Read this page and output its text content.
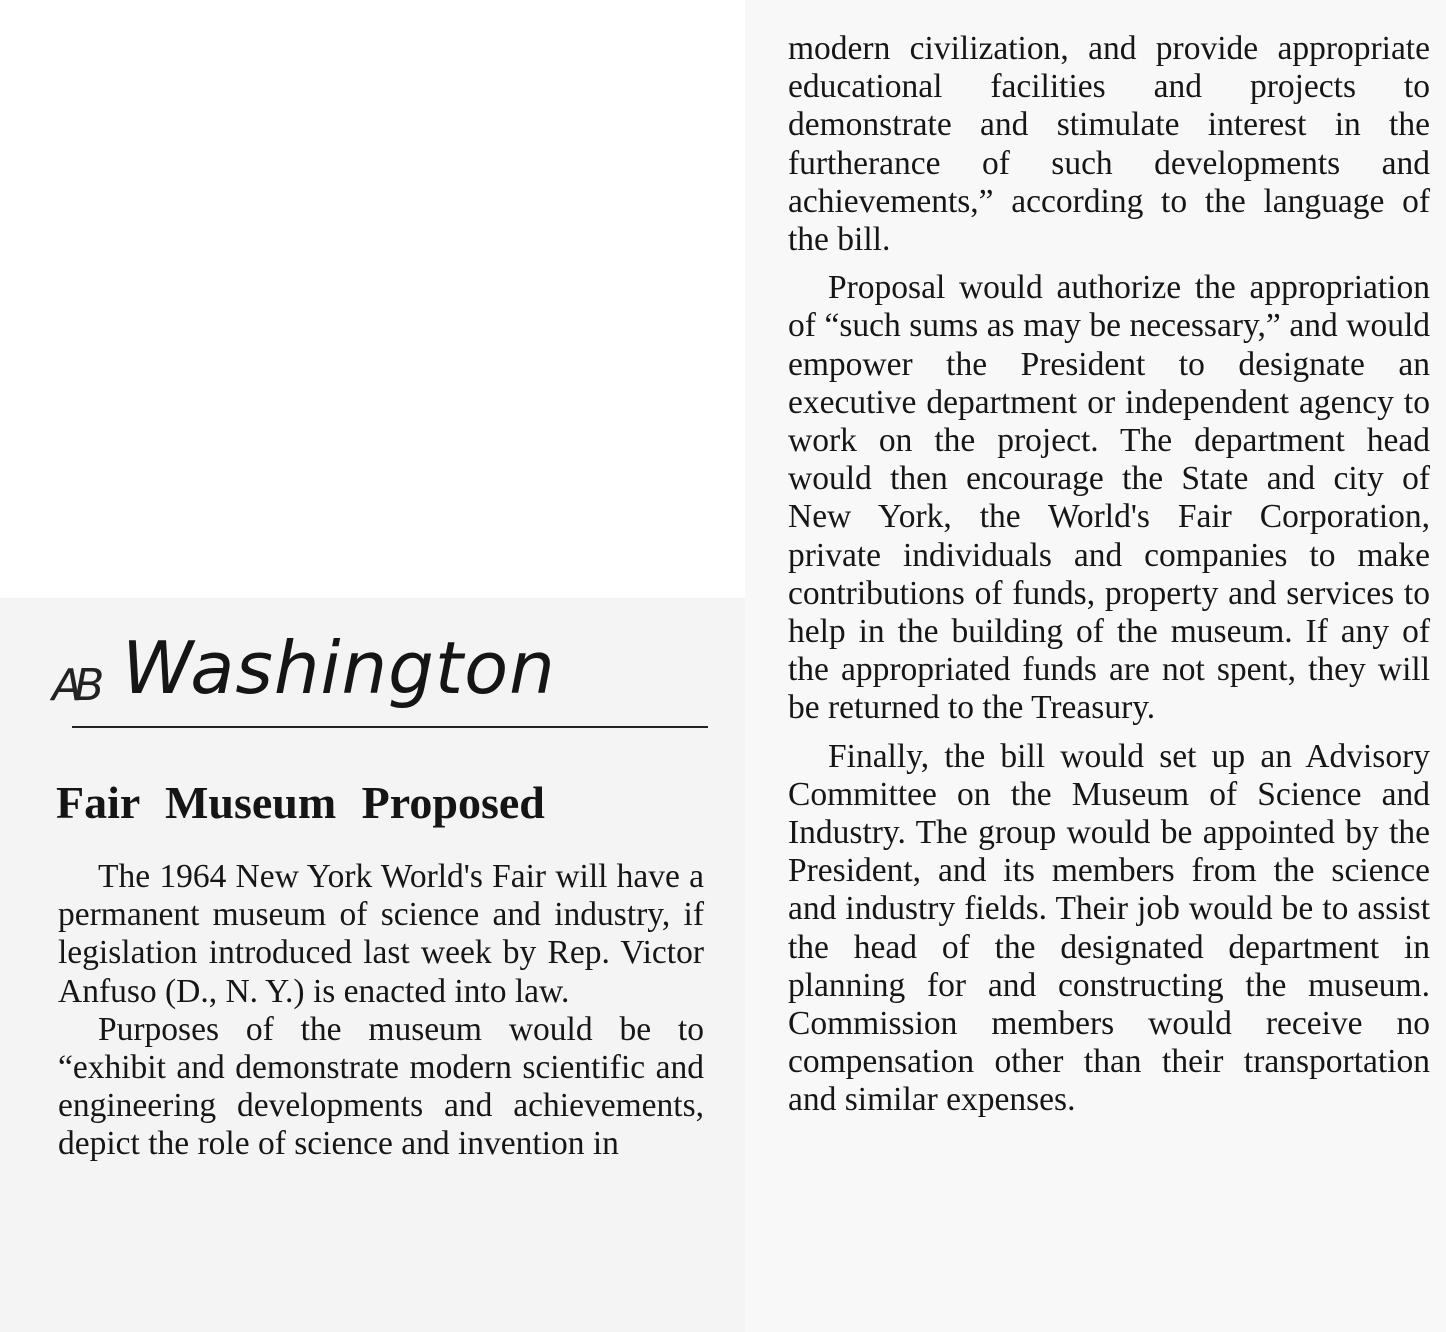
AB Washington
Fair Museum Proposed

The 1964 New York World's Fair will have a permanent museum of science and industry, if legislation introduced last week by Rep. Victor Anfuso (D., N. Y.) is enacted into law.

Purposes of the museum would be to “exhibit and demonstrate modern scientific and engineering developments and achievements, depict the role of science and invention in

modern civilization, and provide appropriate educational facilities and projects to demonstrate and stimulate interest in the furtherance of such developments and achievements,” according to the language of the bill.

Proposal would authorize the appropriation of “such sums as may be necessary,” and would empower the President to designate an executive department or independent agency to work on the project. The department head would then encourage the State and city of New York, the World's Fair Corporation, private individuals and companies to make contributions of funds, property and services to help in the building of the museum. If any of the appropriated funds are not spent, they will be returned to the Treasury.

Finally, the bill would set up an Advisory Committee on the Museum of Science and Industry. The group would be appointed by the President, and its members from the science and industry fields. Their job would be to assist the head of the designated department in planning for and constructing the museum. Commission members would receive no compensation other than their transportation and similar expenses.
